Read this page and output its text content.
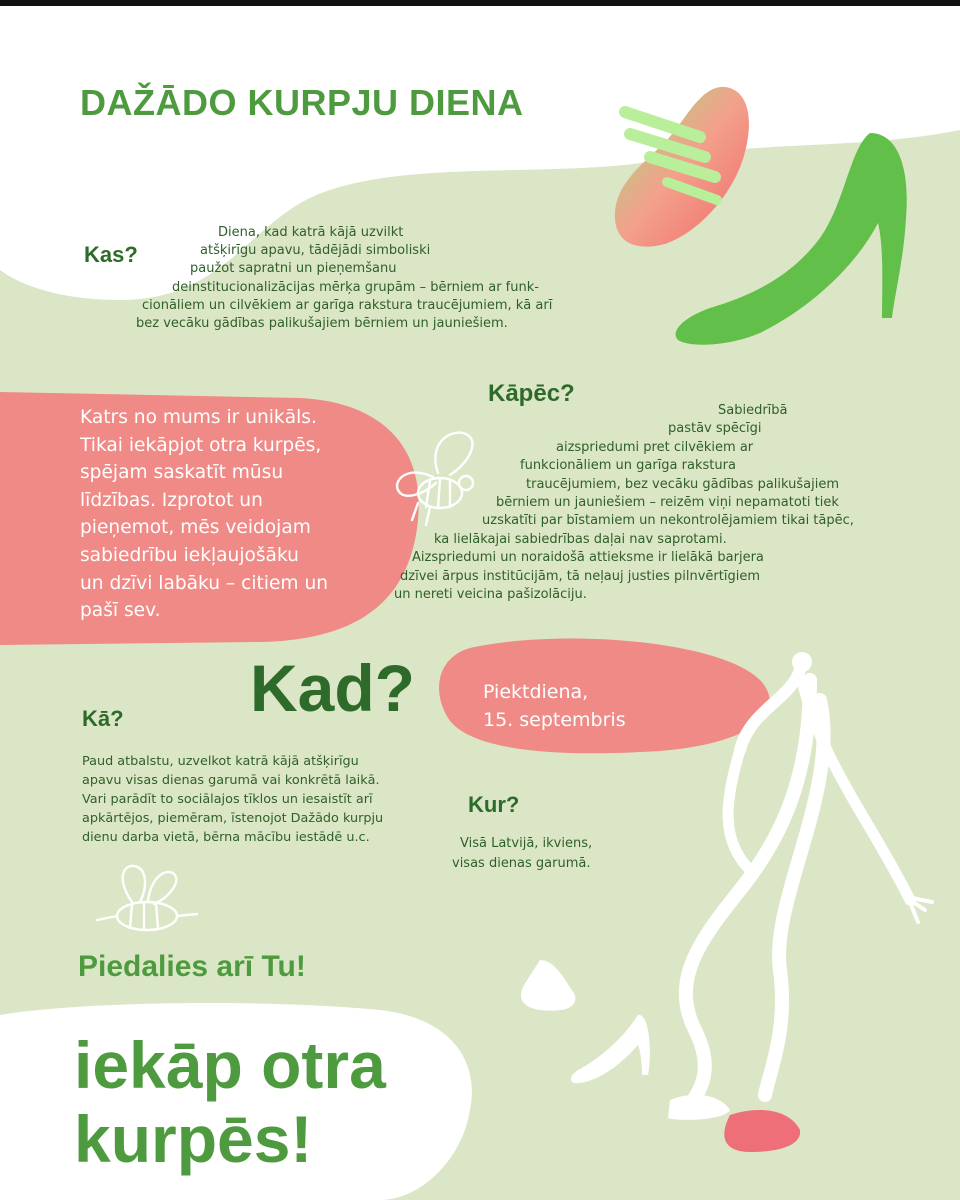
DAŽĀDO KURPJU DIENA
Kas?
Diena, kad katrā kājā uzvilkt
atšķirīgu apavu, tādējādi simboliski
paužot sapratni un pieņemšanu
deinstitucionalizācijas mērķa grupām – bērniem ar funk-
cionāliem un cilvēkiem ar garīga rakstura traucējumiem, kā arī
bez vecāku gādības palikušajiem bērniem un jauniešiem.
Katrs no mums ir unikāls.
Tikai iekāpjot otra kurpēs,
spējam saskatīt mūsu
līdzības. Izprotot un
pieņemot, mēs veidojam
sabiedrību iekļaujošāku
un dzīvi labāku – citiem un
pašī sev.
Kāpēc?
Sabiedrībā
pastāv spēcīgi
aizspriedumi pret cilvēkiem ar
funkcionāliem un garīga rakstura
traucējumiem, bez vecāku gādības palikušajiem
bērniem un jauniešiem – reizēm viņi nepamatoti tiek
uzskatīti par bīstamiem un nekontrolējamiem tikai tāpēc,
ka lielākajai sabiedrības daļai nav saprotami.
Aizspriedumi un noraidošā attieksme ir lielākā barjera
dzīvei ārpus institūcijām, tā neļauj justies pilnvērtīgiem
un nereti veicina pašizolāciju.
Kad?	Piektdiena,
15. septembris
Kā?
Paud atbalstu, uzvelkot katrā kājā atšķirīgu
apavu visas dienas garumā vai konkrētā laikā.
Vari parādīt to sociālajos tīklos un iesaistīt arī
apkārtējos, piemēram, īstenojot Dažādo kurpju
dienu darba vietā, bērna mācību iestādē u.c.
Kur?
Visā Latvijā, ikviens,
visas dienas garumā.
Piedalies arī Tu!
iekāp otra
kurpēs!
